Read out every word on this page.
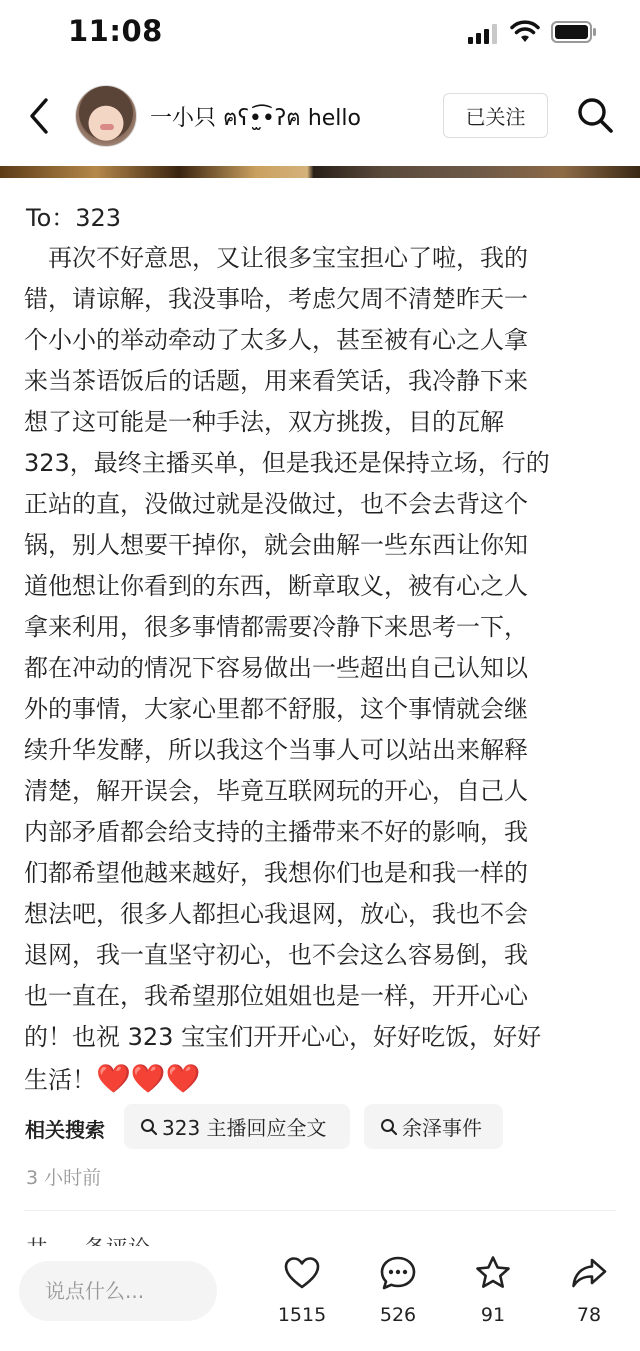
11:08
一小只 ฅʕ•̫͡•ʔฅ hello	已关注
To：323
　再次不好意思，又让很多宝宝担心了啦，我的
错，请谅解，我没事哈，考虑欠周不清楚昨天一
个小小的举动牵动了太多人，甚至被有心之人拿
来当茶语饭后的话题，用来看笑话，我冷静下来
想了这可能是一种手法，双方挑拨，目的瓦解
323，最终主播买单，但是我还是保持立场，行的
正站的直，没做过就是没做过，也不会去背这个
锅，别人想要干掉你，就会曲解一些东西让你知
道他想让你看到的东西，断章取义，被有心之人
拿来利用，很多事情都需要冷静下来思考一下，
都在冲动的情况下容易做出一些超出自己认知以
外的事情，大家心里都不舒服，这个事情就会继
续升华发酵，所以我这个当事人可以站出来解释
清楚，解开误会，毕竟互联网玩的开心，自己人
内部矛盾都会给支持的主播带来不好的影响，我
们都希望他越来越好，我想你们也是和我一样的
想法吧，很多人都担心我退网，放心，我也不会
退网，我一直坚守初心，也不会这么容易倒，我
也一直在，我希望那位姐姐也是一样，开开心心
的！也祝 323 宝宝们开开心心，好好吃饭，好好
生活！❤️❤️❤️
相关搜索	323 主播回应全文	余泽事件
3 小时前
说点什么...
1515	526	91	78
